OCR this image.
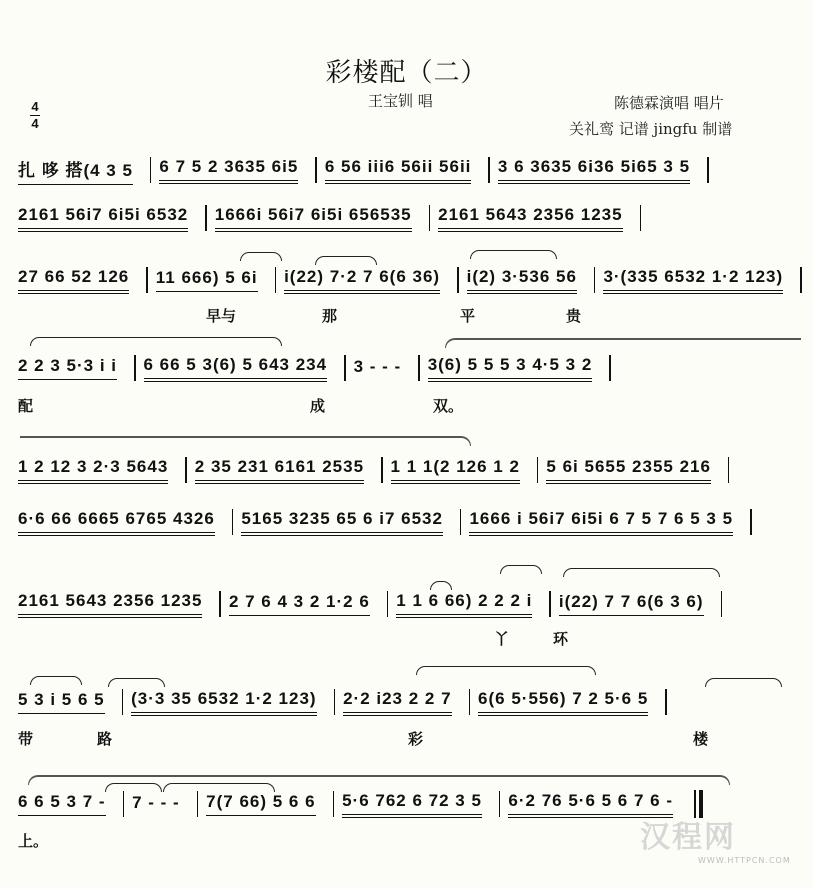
彩楼配（二）
王宝钏 唱	陈德霖演唱 唱片
关礼鸾 记谱 jingfu 制谱
4
4
扎 哆 搭(4 3 5 6 7 5 2 3635 6i5 6 56 iii6 56ii 56ii 3 6 3635 6i36 5i65 3 5
2161 56i7 6i5i 6532 1666i 56i7 6i5i 656535 2161 5643 2356 1235
27 66 52 126 11 666) 5 6i i(22) 7·2 7 6(6 36) i(2) 3·536 56 3·(335 6532 1·2 123)
早与	那	平	贵
2 2 3 5·3 i i 6 66 5 3(6) 5 643 234 3 - - - 3(6) 5 5 5 3 4·5 3 2
配	成	双。
1 2 12 3 2·3 5643 2 35 231 6161 2535 1 1 1(2 126 1 2 5 6i 5655 2355 216
6·6 66 6665 6765 4326 5165 3235 65 6 i7 6532 1666 i 56i7 6i5i 6 7 5 7 6 5 3 5
2161 5643 2356 1235 2 7 6 4 3 2 1·2 6 1 1 6 66) 2 2 2 i i(22) 7 7 6(6 3 6)
丫	环
5 3 i 5 6 5 (3·3 35 6532 1·2 123) 2·2 i23 2 2 7 6(6 5·556) 7 2 5·6 5
带	路	彩	楼
6 6 5 3 7 - 7 - - - 7(7 66) 5 6 6 5·6 762 6 72 3 5 6·2 76 5·6 5 6 7 6 -
上。	汉程网
WWW.HTTPCN.COM
